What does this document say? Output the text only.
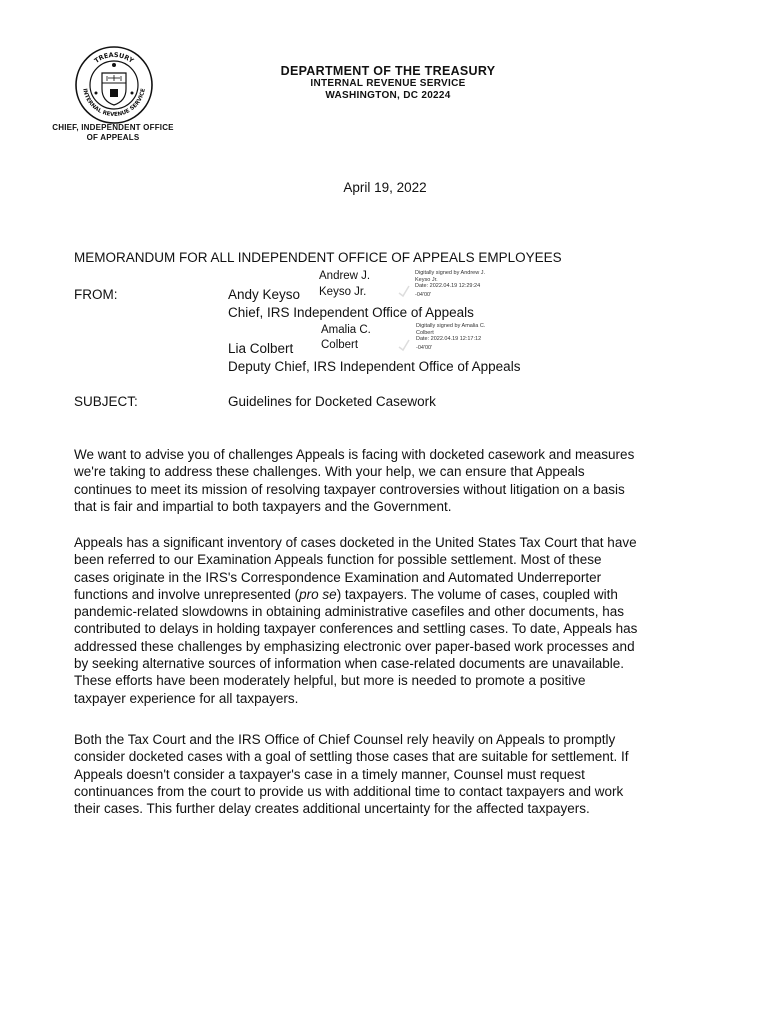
TREASURY
INTERNAL REVENUE SERVICE
CHIEF, INDEPENDENT OFFICE
OF APPEALS
DEPARTMENT OF THE TREASURY
INTERNAL REVENUE SERVICE
WASHINGTON, DC 20224
April 19, 2022
MEMORANDUM FOR ALL INDEPENDENT OFFICE OF APPEALS EMPLOYEES
FROM:	Andy Keyso
Andrew J.
Keyso Jr.
Digitally signed by Andrew J.
Keyso Jr.
Date: 2022.04.19 12:29:24
-04'00'
Chief, IRS Independent Office of Appeals
Amalia C.
Colbert
Digitally signed by Amalia C.
Colbert
Date: 2022.04.19 12:17:12
-04'00'
Lia Colbert
Deputy Chief, IRS Independent Office of Appeals
SUBJECT:	Guidelines for Docketed Casework
We want to advise you of challenges Appeals is facing with docketed casework and measures
we're taking to address these challenges. With your help, we can ensure that Appeals
continues to meet its mission of resolving taxpayer controversies without litigation on a basis
that is fair and impartial to both taxpayers and the Government.
Appeals has a significant inventory of cases docketed in the United States Tax Court that have
been referred to our Examination Appeals function for possible settlement. Most of these
cases originate in the IRS's Correspondence Examination and Automated Underreporter
functions and involve unrepresented (pro se) taxpayers. The volume of cases, coupled with
pandemic-related slowdowns in obtaining administrative casefiles and other documents, has
contributed to delays in holding taxpayer conferences and settling cases. To date, Appeals has
addressed these challenges by emphasizing electronic over paper-based work processes and
by seeking alternative sources of information when case-related documents are unavailable.
These efforts have been moderately helpful, but more is needed to promote a positive
taxpayer experience for all taxpayers.
Both the Tax Court and the IRS Office of Chief Counsel rely heavily on Appeals to promptly
consider docketed cases with a goal of settling those cases that are suitable for settlement. If
Appeals doesn't consider a taxpayer's case in a timely manner, Counsel must request
continuances from the court to provide us with additional time to contact taxpayers and work
their cases. This further delay creates additional uncertainty for the affected taxpayers.
